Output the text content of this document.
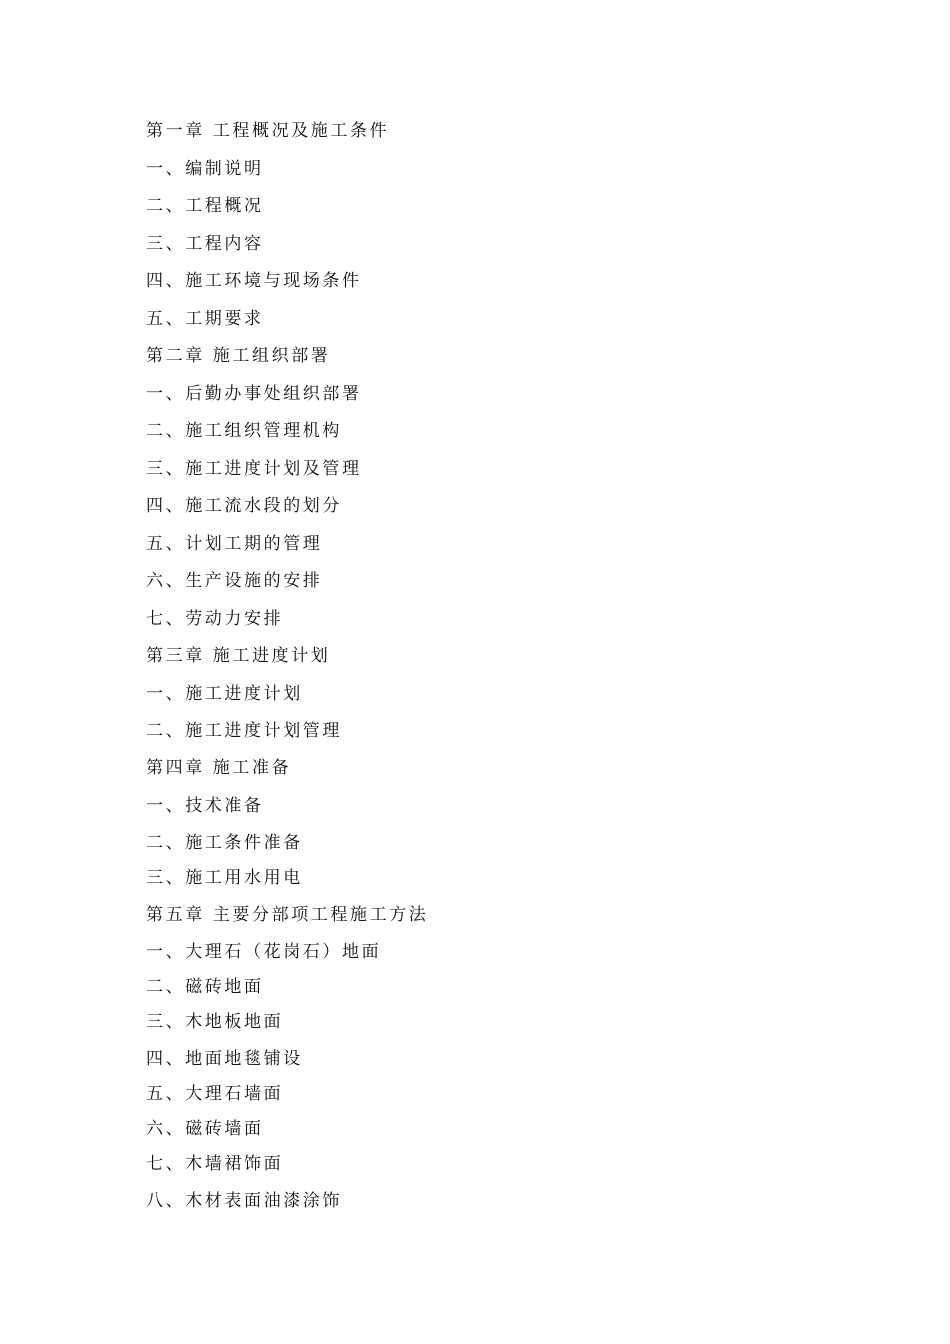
第一章 工程概况及施工条件
一、编制说明
二、工程概况
三、工程内容
四、施工环境与现场条件
五、工期要求
第二章 施工组织部署
一、后勤办事处组织部署
二、施工组织管理机构
三、施工进度计划及管理
四、施工流水段的划分
五、计划工期的管理
六、生产设施的安排
七、劳动力安排
第三章 施工进度计划
一、施工进度计划
二、施工进度计划管理
第四章 施工准备
一、技术准备
二、施工条件准备
三、施工用水用电
第五章 主要分部项工程施工方法
一、大理石（花岗石）地面
二、磁砖地面
三、木地板地面
四、地面地毯铺设
五、大理石墙面
六、磁砖墙面
七、木墙裙饰面
八、木材表面油漆涂饰
